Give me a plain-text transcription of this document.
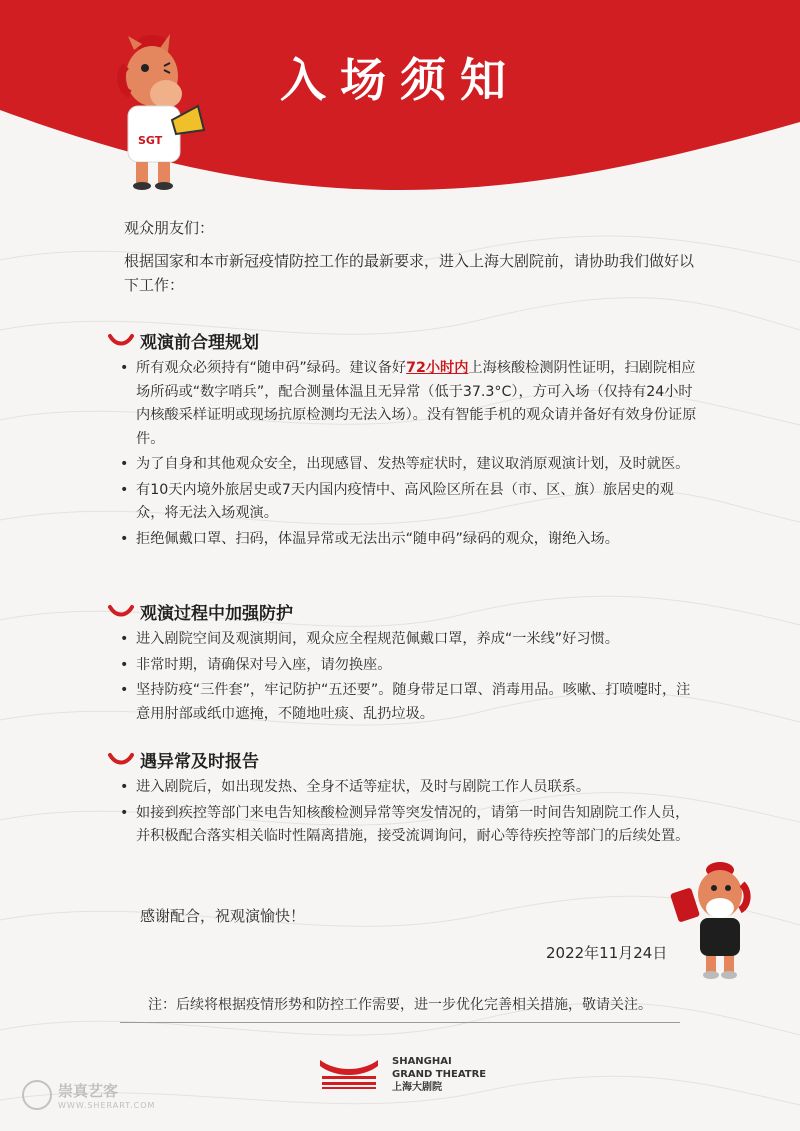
入场须知
SGT
观众朋友们：
根据国家和本市新冠疫情防控工作的最新要求，进入上海大剧院前，请协助我们做好以下工作：
观演前合理规划
• 所有观众必须持有“随申码”绿码。建议备好72小时内上海核酸检测阴性证明，扫剧院相应场所码或“数字哨兵”，配合测量体温且无异常（低于37.3°C），方可入场（仅持有24小时内核酸采样证明或现场抗原检测均无法入场）。没有智能手机的观众请并备好有效身份证原件。
• 为了自身和其他观众安全，出现感冒、发热等症状时，建议取消原观演计划，及时就医。
• 有10天内境外旅居史或7天内国内疫情中、高风险区所在县（市、区、旗）旅居史的观众，将无法入场观演。
• 拒绝佩戴口罩、扫码，体温异常或无法出示“随申码”绿码的观众，谢绝入场。
观演过程中加强防护
• 进入剧院空间及观演期间，观众应全程规范佩戴口罩，养成“一米线”好习惯。
• 非常时期，请确保对号入座，请勿换座。
• 坚持防疫“三件套”，牢记防护“五还要”。随身带足口罩、消毒用品。咳嗽、打喷嚏时，注意用肘部或纸巾遮掩，不随地吐痰、乱扔垃圾。
遇异常及时报告
• 进入剧院后，如出现发热、全身不适等症状，及时与剧院工作人员联系。
• 如接到疾控等部门来电告知核酸检测异常等突发情况的，请第一时间告知剧院工作人员，并积极配合落实相关临时性隔离措施，接受流调询问，耐心等待疾控等部门的后续处置。
感谢配合，祝观演愉快！
2022年11月24日
注：后续将根据疫情形势和防控工作需要，进一步优化完善相关措施，敬请关注。
SHANGHAI
GRAND THEATRE
上海大剧院
崇真艺客
WWW.SHERART.COM
